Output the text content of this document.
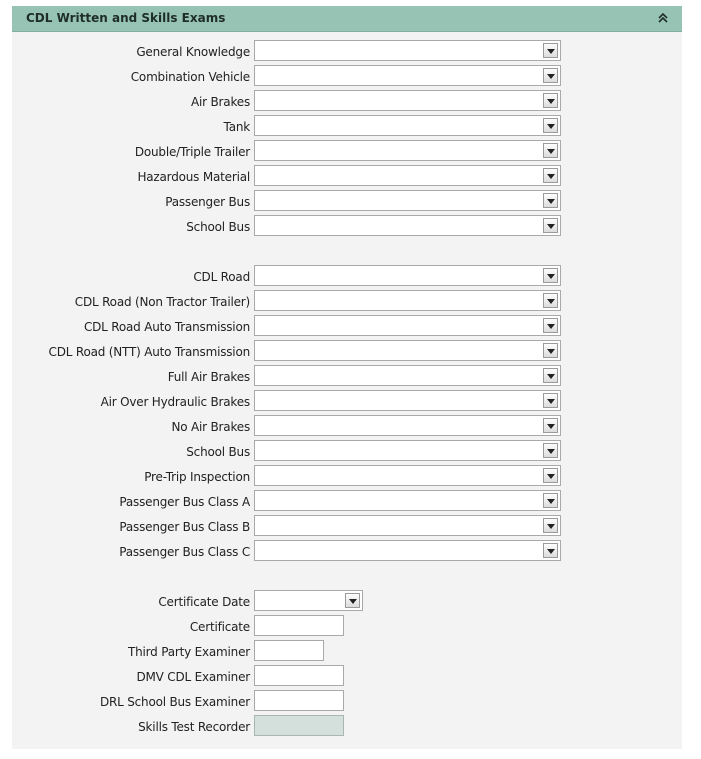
CDL Written and Skills Exams
General Knowledge
Combination Vehicle
Air Brakes
Tank
Double/Triple Trailer
Hazardous Material
Passenger Bus
School Bus
CDL Road
CDL Road (Non Tractor Trailer)
CDL Road Auto Transmission
CDL Road (NTT) Auto Transmission
Full Air Brakes
Air Over Hydraulic Brakes
No Air Brakes
School Bus
Pre-Trip Inspection
Passenger Bus Class A
Passenger Bus Class B
Passenger Bus Class C
Certificate Date
Certificate
Third Party Examiner
DMV CDL Examiner
DRL School Bus Examiner
Skills Test Recorder
